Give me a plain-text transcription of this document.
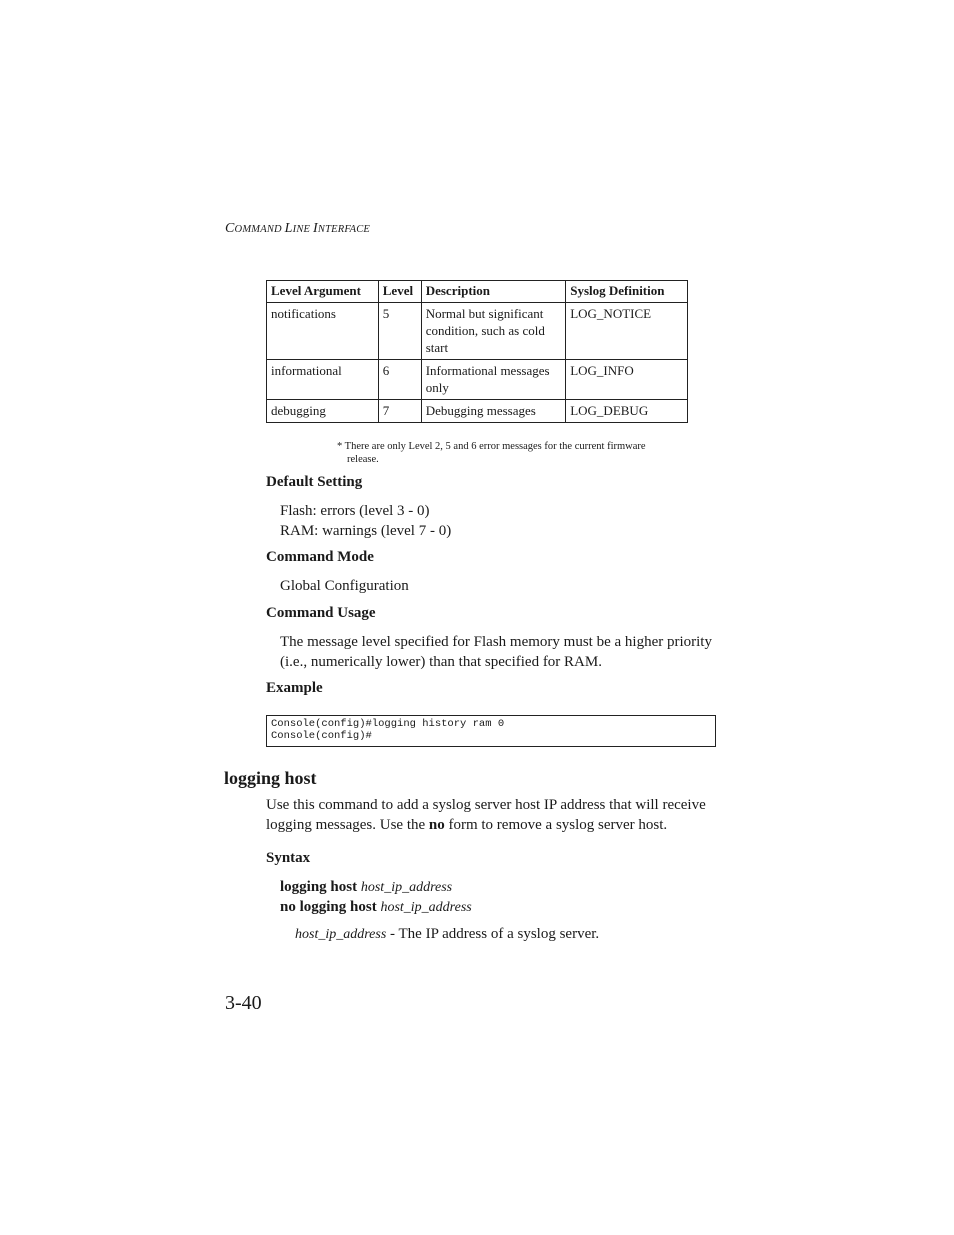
COMMAND LINE INTERFACE
Level Argument	Level	Description	Syslog Definition
notifications	5	Normal but significant condition, such as cold start	LOG_NOTICE
informational	6	Informational messages only	LOG_INFO
debugging	7	Debugging messages	LOG_DEBUG
* There are only Level 2, 5 and 6 error messages for the current firmware
release.
Default Setting
Flash: errors (level 3 - 0)
RAM: warnings (level 7 - 0)
Command Mode
Global Configuration
Command Usage
The message level specified for Flash memory must be a higher priority
(i.e., numerically lower) than that specified for RAM.
Example
Console(config)#logging history ram 0
Console(config)#
logging host
Use this command to add a syslog server host IP address that will receive
logging messages. Use the no form to remove a syslog server host.
Syntax
logging host host_ip_address
no logging host host_ip_address
host_ip_address - The IP address of a syslog server.
3-40
